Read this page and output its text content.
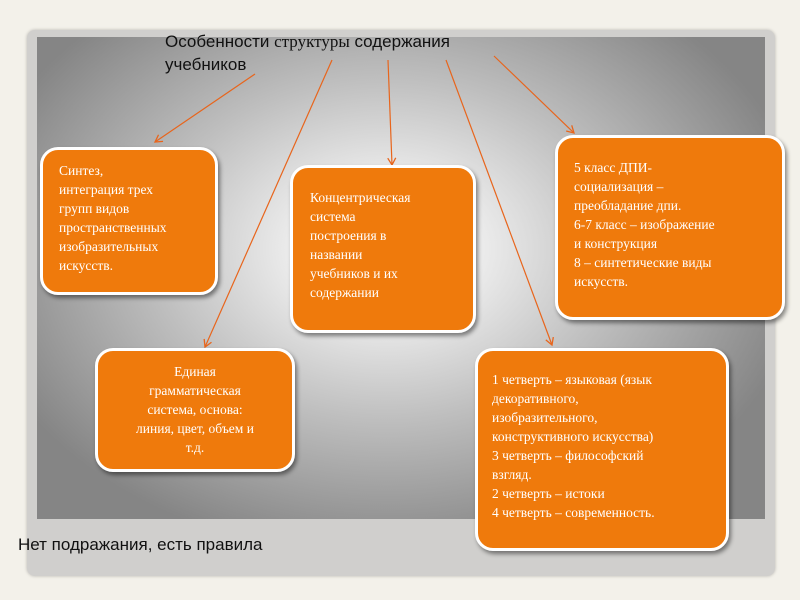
Особенности структуры содержания
учебников

Синтез,

интеграция трех

групп видов

пространственных

изобразительных

искусств.

Концентрическая

система

построения в

названии

учебников и их

содержании

5 класс ДПИ-

социализация –

преобладание дпи.

6-7 класс – изображение

и конструкция

8 – синтетические виды

искусств.

Единая

грамматическая

система, основа:

линия, цвет, объем и

т.д.

1 четверть – языковая (язык

декоративного,

изобразительного,

конструктивного искусства)

3 четверть – философский

взгляд.

2 четверть – истоки

4 четверть – современность.

Нет подражания, есть правила
